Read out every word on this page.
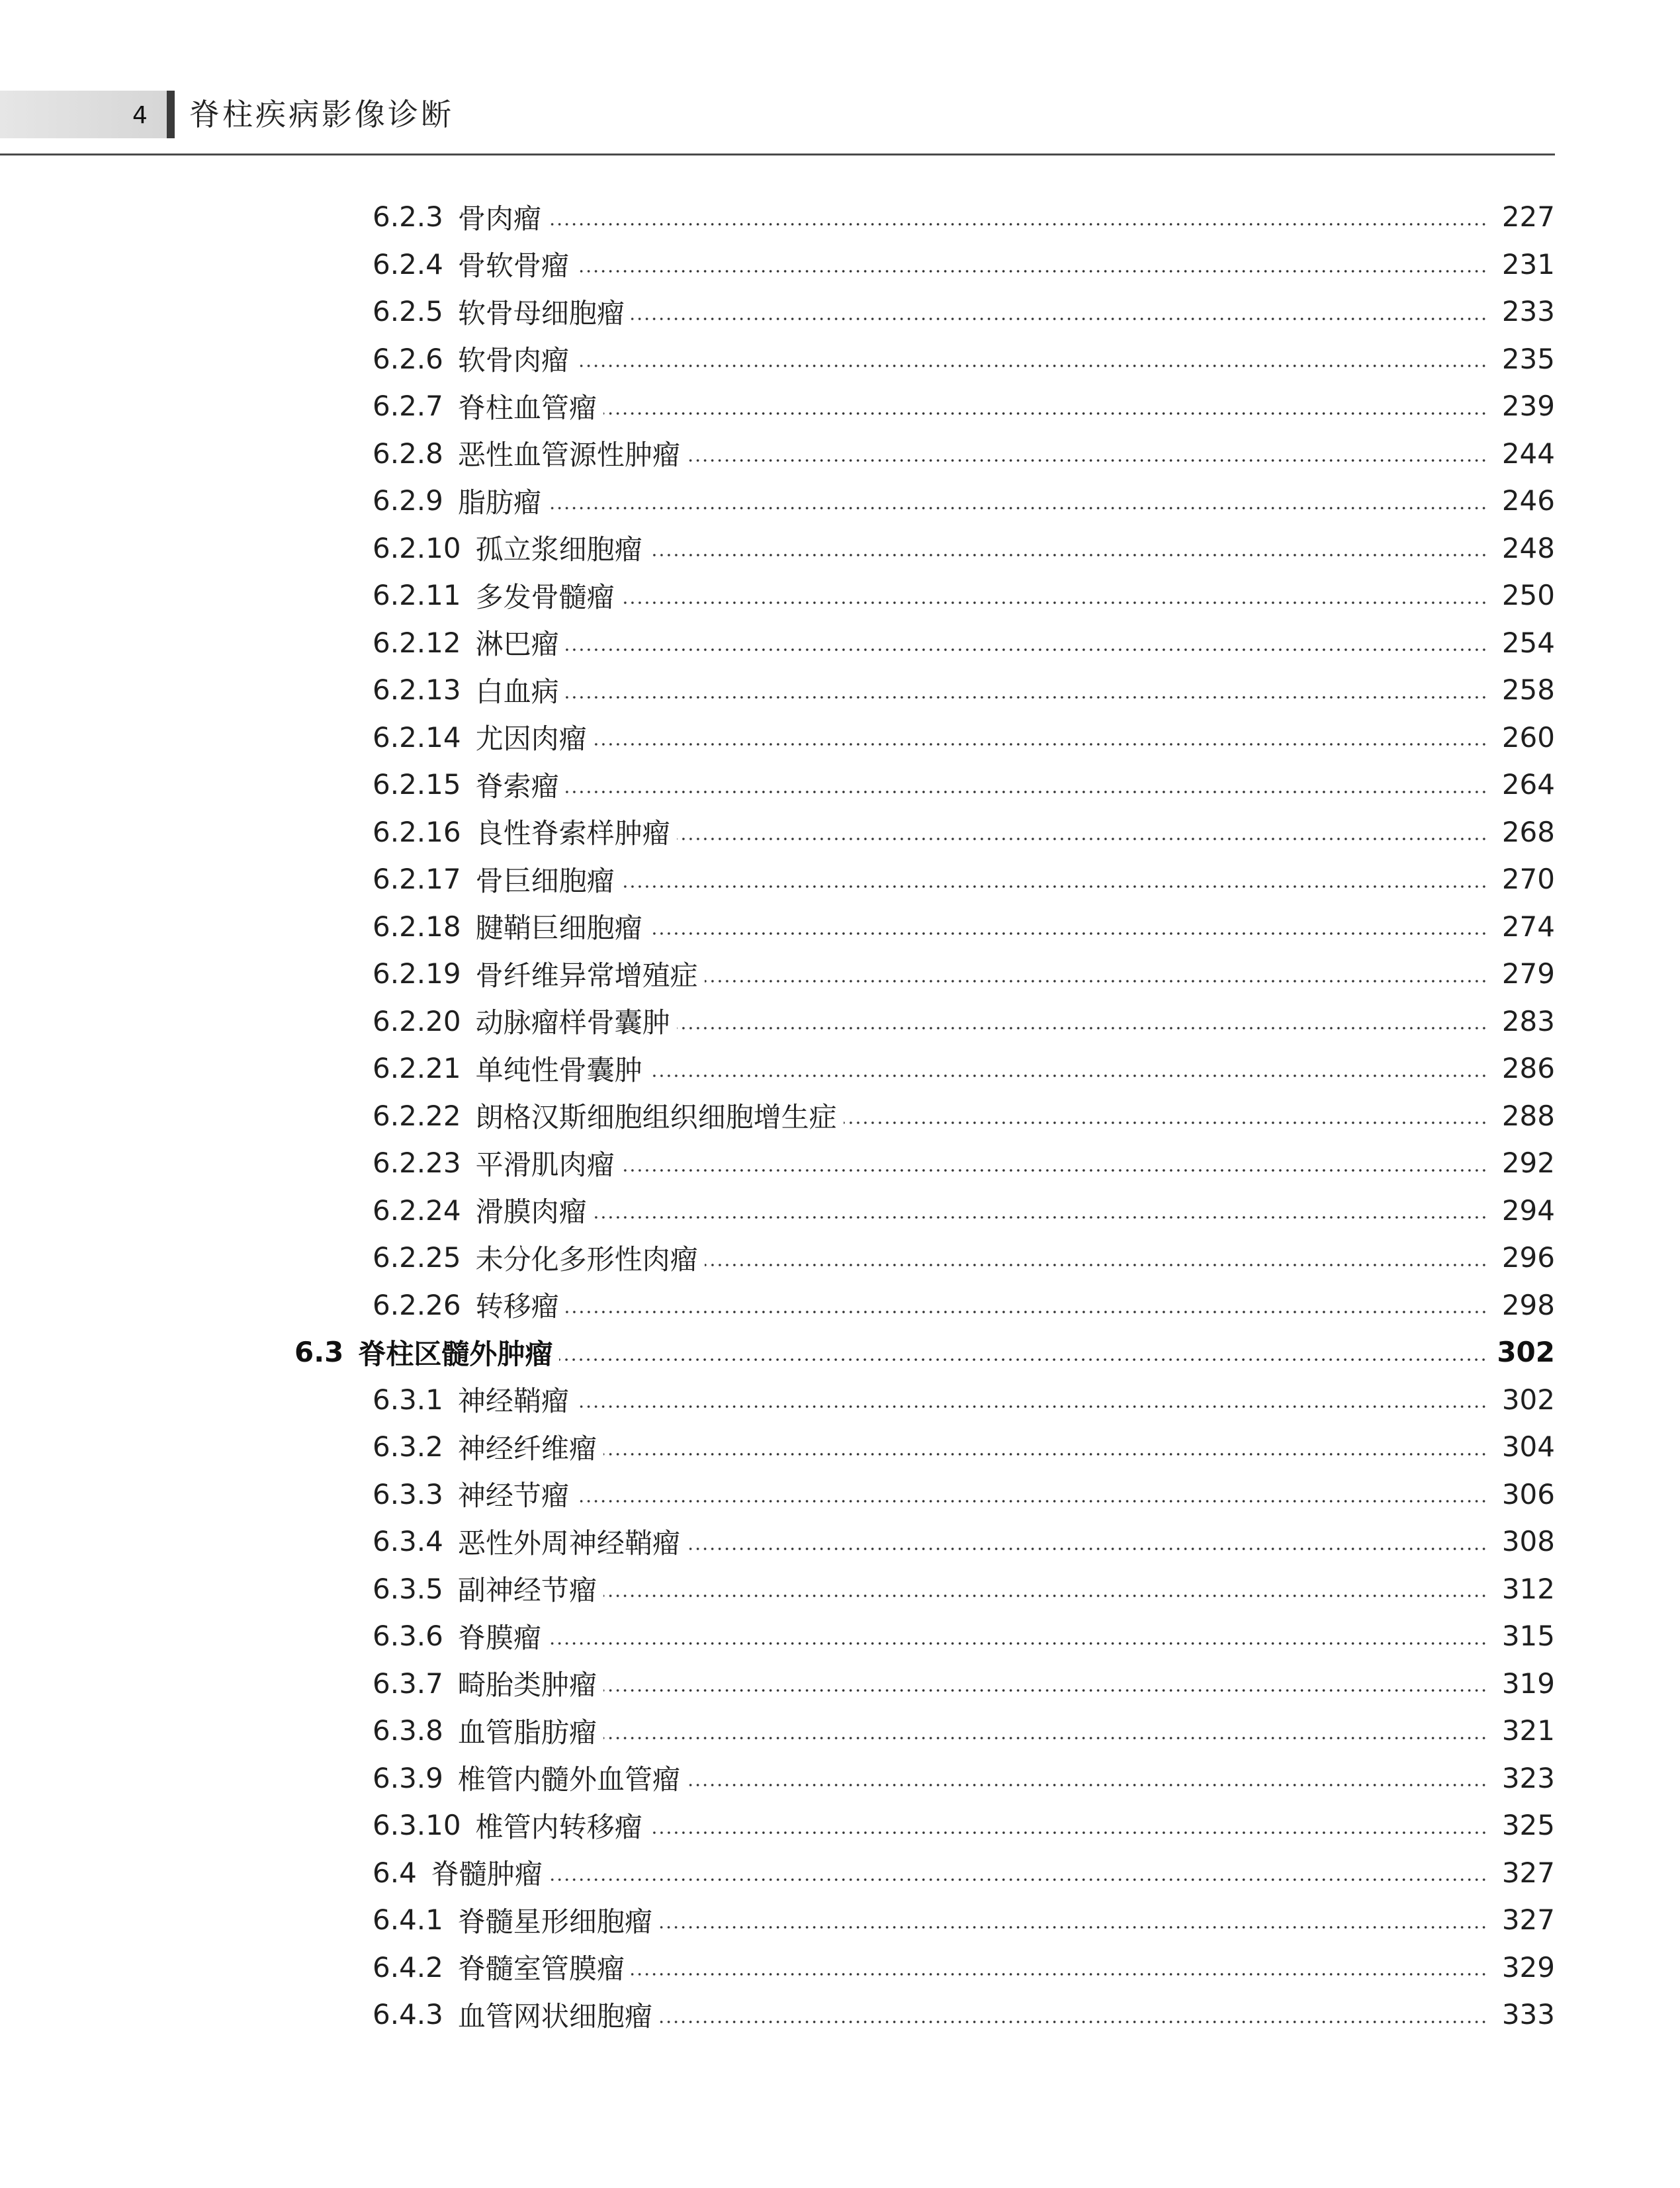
4 脊柱疾病影像诊断
6.2.3 骨肉瘤	227
6.2.4 骨软骨瘤	231
6.2.5 软骨母细胞瘤	233
6.2.6 软骨肉瘤	235
6.2.7 脊柱血管瘤	239
6.2.8 恶性血管源性肿瘤	244
6.2.9 脂肪瘤	246
6.2.10 孤立浆细胞瘤	248
6.2.11 多发骨髓瘤	250
6.2.12 淋巴瘤	254
6.2.13 白血病	258
6.2.14 尤因肉瘤	260
6.2.15 脊索瘤	264
6.2.16 良性脊索样肿瘤	268
6.2.17 骨巨细胞瘤	270
6.2.18 腱鞘巨细胞瘤	274
6.2.19 骨纤维异常增殖症	279
6.2.20 动脉瘤样骨囊肿	283
6.2.21 单纯性骨囊肿	286
6.2.22 朗格汉斯细胞组织细胞增生症	288
6.2.23 平滑肌肉瘤	292
6.2.24 滑膜肉瘤	294
6.2.25 未分化多形性肉瘤	296
6.2.26 转移瘤	298
6.3 脊柱区髓外肿瘤	302
6.3.1 神经鞘瘤	302
6.3.2 神经纤维瘤	304
6.3.3 神经节瘤	306
6.3.4 恶性外周神经鞘瘤	308
6.3.5 副神经节瘤	312
6.3.6 脊膜瘤	315
6.3.7 畸胎类肿瘤	319
6.3.8 血管脂肪瘤	321
6.3.9 椎管内髓外血管瘤	323
6.3.10 椎管内转移瘤	325
6.4 脊髓肿瘤	327
6.4.1 脊髓星形细胞瘤	327
6.4.2 脊髓室管膜瘤	329
6.4.3 血管网状细胞瘤	333
